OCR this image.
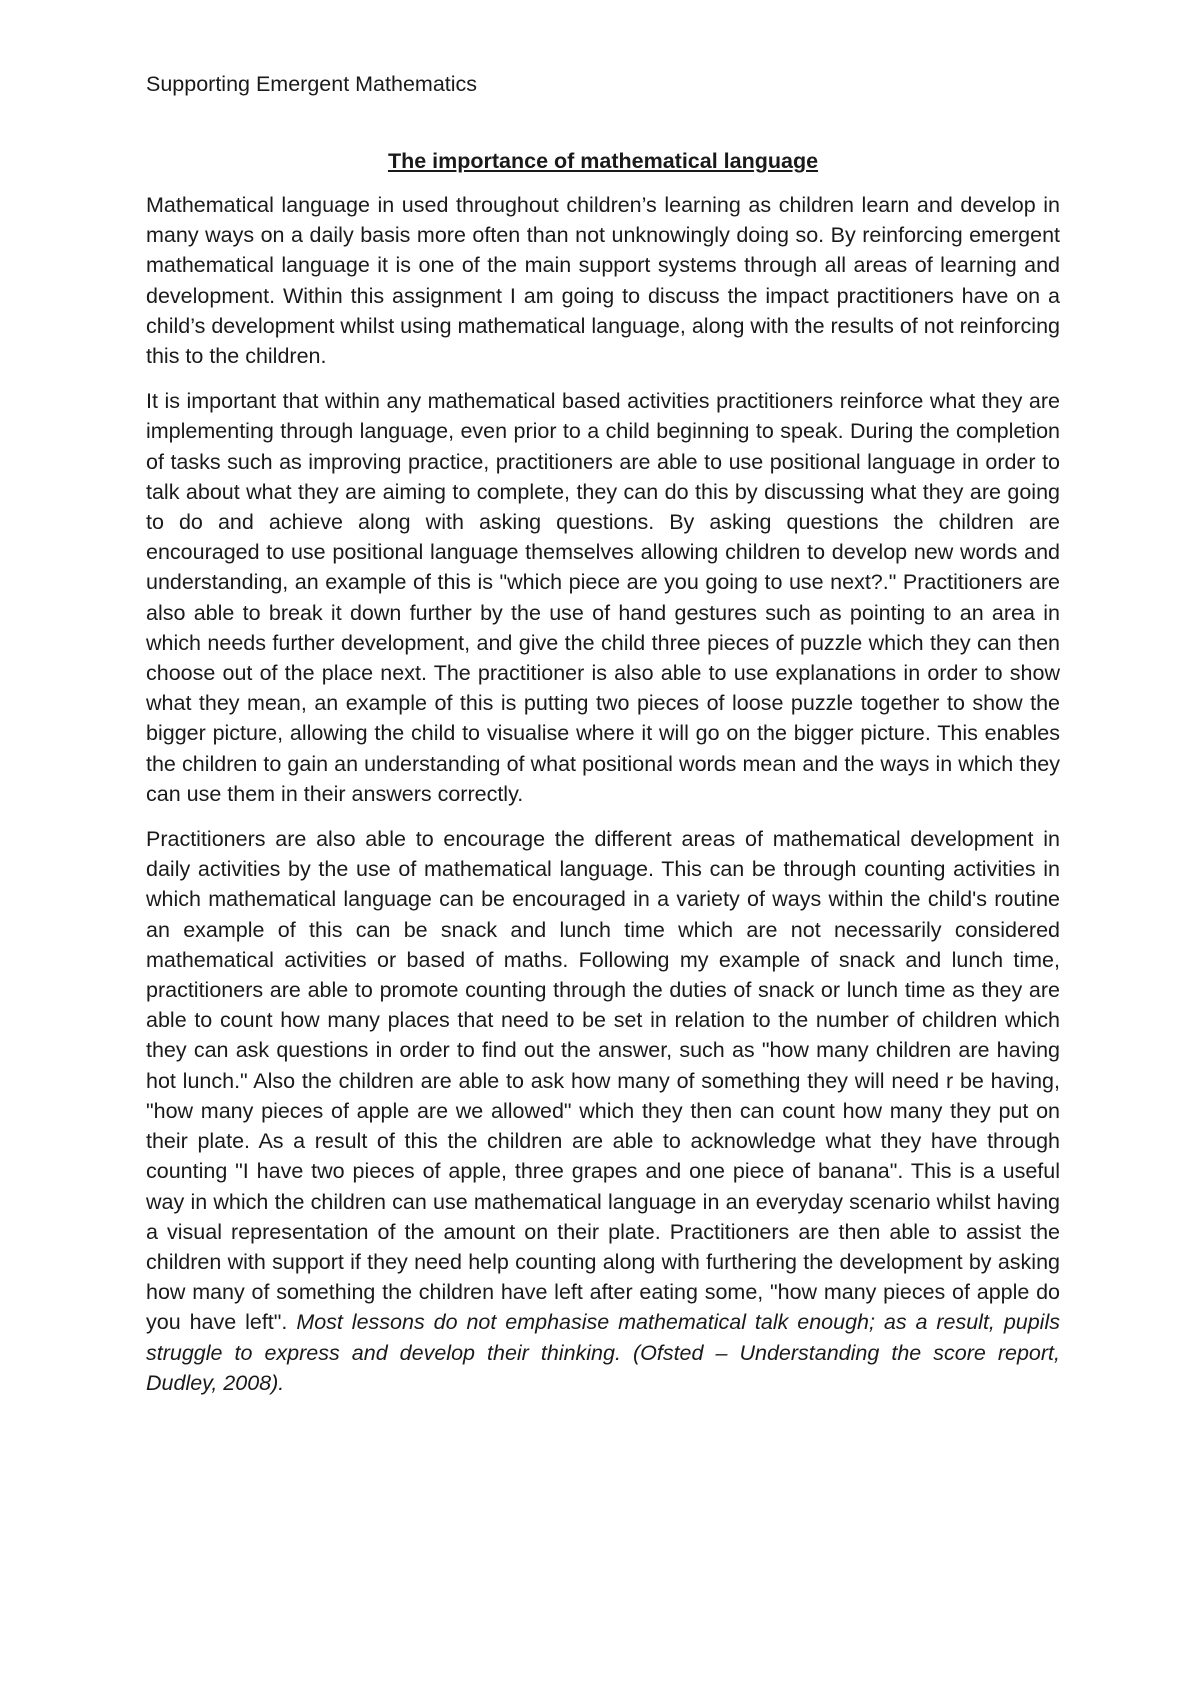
Supporting Emergent Mathematics
The importance of mathematical language

Mathematical language in used throughout children’s learning as children learn and develop in many ways on a daily basis more often than not unknowingly doing so. By reinforcing emergent mathematical language it is one of the main support systems through all areas of learning and development. Within this assignment I am going to discuss the impact practitioners have on a child’s development whilst using mathematical language, along with the results of not reinforcing this to the children.

It is important that within any mathematical based activities practitioners reinforce what they are implementing through language, even prior to a child beginning to speak. During the completion of tasks such as improving practice, practitioners are able to use positional language in order to talk about what they are aiming to complete, they can do this by discussing what they are going to do and achieve along with asking questions. By asking questions the children are encouraged to use positional language themselves allowing children to develop new words and understanding, an example of this is "which piece are you going to use next?." Practitioners are also able to break it down further by the use of hand gestures such as pointing to an area in which needs further development, and give the child three pieces of puzzle which they can then choose out of the place next. The practitioner is also able to use explanations in order to show what they mean, an example of this is putting two pieces of loose puzzle together to show the bigger picture, allowing the child to visualise where it will go on the bigger picture. This enables the children to gain an understanding of what positional words mean and the ways in which they can use them in their answers correctly.

Practitioners are also able to encourage the different areas of mathematical development in daily activities by the use of mathematical language. This can be through counting activities in which mathematical language can be encouraged in a variety of ways within the child's routine an example of this can be snack and lunch time which are not necessarily considered mathematical activities or based of maths. Following my example of snack and lunch time, practitioners are able to promote counting through the duties of snack or lunch time as they are able to count how many places that need to be set in relation to the number of children which they can ask questions in order to find out the answer, such as "how many children are having hot lunch." Also the children are able to ask how many of something they will need r be having, "how many pieces of apple are we allowed" which they then can count how many they put on their plate. As a result of this the children are able to acknowledge what they have through counting "I have two pieces of apple, three grapes and one piece of banana". This is a useful way in which the children can use mathematical language in an everyday scenario whilst having a visual representation of the amount on their plate. Practitioners are then able to assist the children with support if they need help counting along with furthering the development by asking how many of something the children have left after eating some, "how many pieces of apple do you have left". Most lessons do not emphasise mathematical talk enough; as a result, pupils struggle to express and develop their thinking. (Ofsted – Understanding the score report, Dudley, 2008).
